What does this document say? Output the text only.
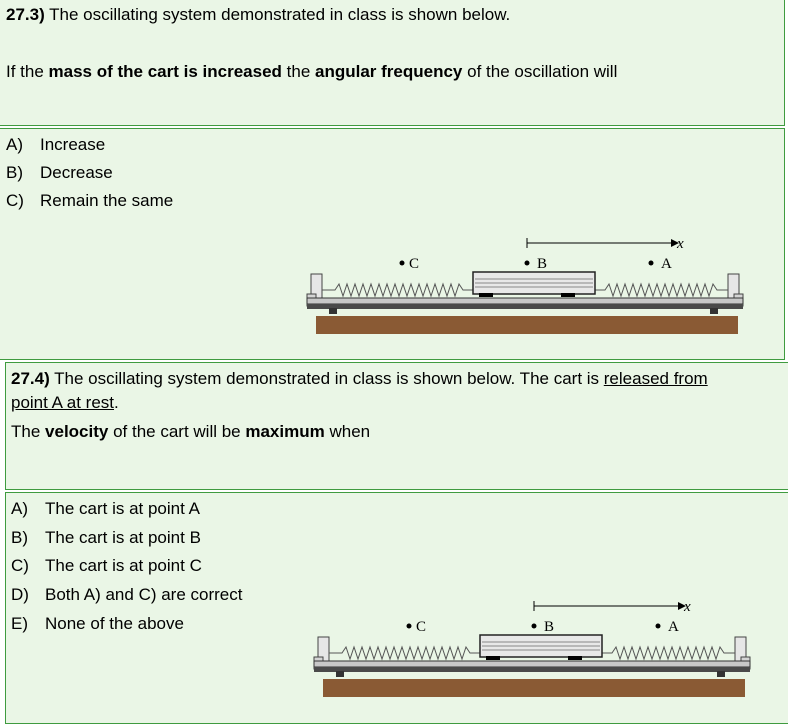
27.3) The oscillating system demonstrated in class is shown below.
If the mass of the cart is increased the angular frequency of the oscillation will
A) Increase
B) Decrease
C) Remain the same
x
C	B	A
27.4) The oscillating system demonstrated in class is shown below. The cart is released from
point A at rest.
The velocity of the cart will be maximum when
A) The cart is at point A
B) The cart is at point B
C) The cart is at point C
D) Both A) and C) are correct
E) None of the above
x
C	B	A
